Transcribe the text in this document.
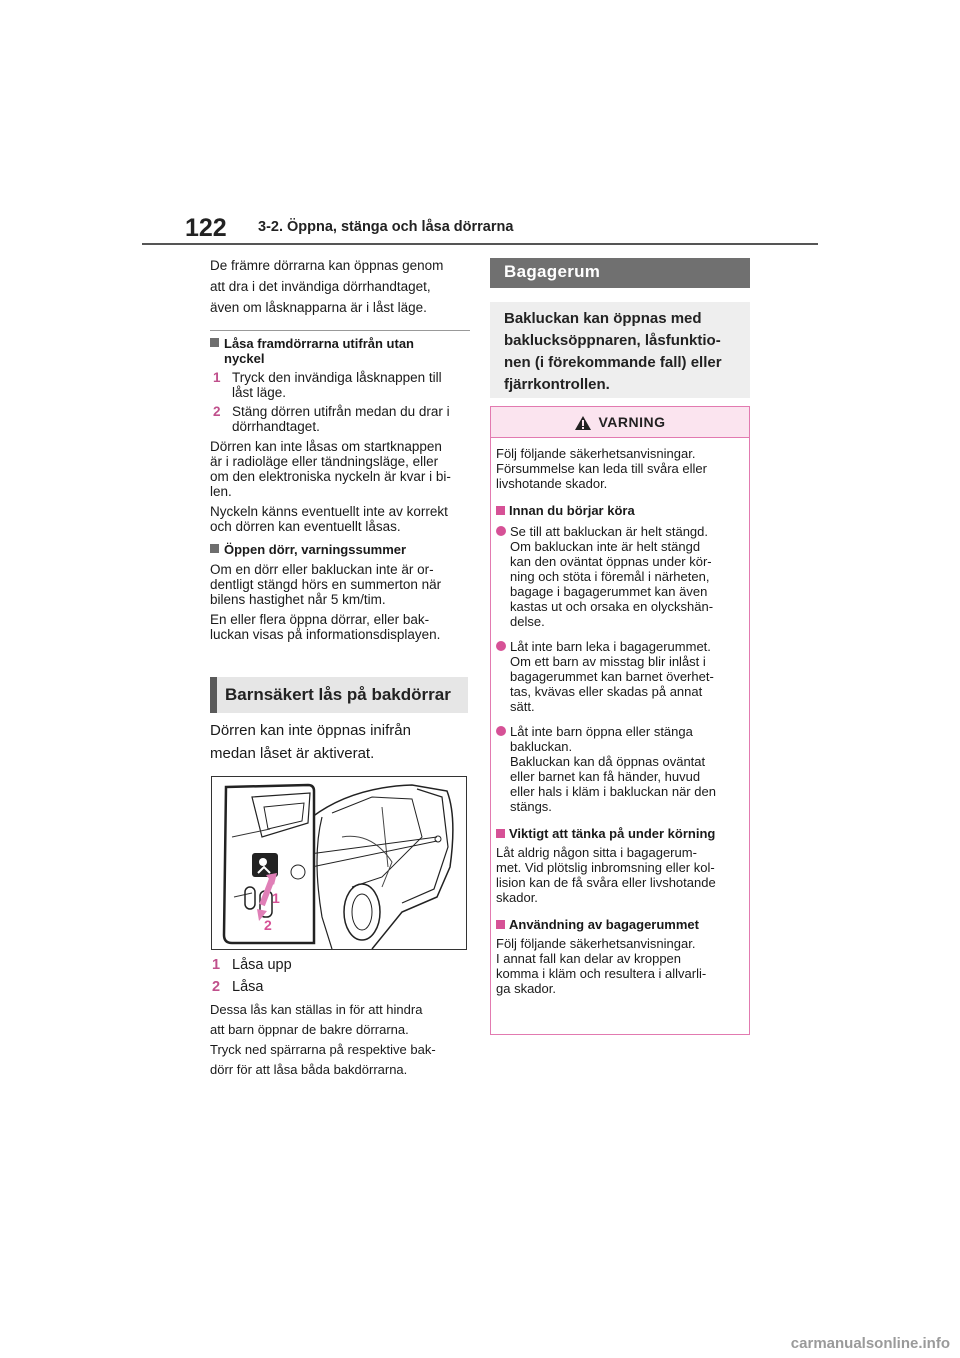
122 3-2. Öppna, stänga och låsa dörrarna
De främre dörrarna kan öppnas genom
att dra i det invändiga dörrhandtaget,
även om låsknapparna är i låst läge.
Låsa framdörrarna utifrån utan
nyckel
1 Tryck den invändiga låsknappen till
låst läge.
2 Stäng dörren utifrån medan du drar i
dörrhandtaget.
Dörren kan inte låsas om startknappen
är i radioläge eller tändningsläge, eller
om den elektroniska nyckeln är kvar i bi-
len.
Nyckeln känns eventuellt inte av korrekt
och dörren kan eventuellt låsas.
Öppen dörr, varningssummer
Om en dörr eller bakluckan inte är or-
dentligt stängd hörs en summerton när
bilens hastighet når 5 km/tim.
En eller flera öppna dörrar, eller bak-
luckan visas på informationsdisplayen.
Barnsäkert lås på bakdörrar
Dörren kan inte öppnas inifrån
medan låset är aktiverat.
1
2
1 Låsa upp
2 Låsa
Dessa lås kan ställas in för att hindra
att barn öppnar de bakre dörrarna.
Tryck ned spärrarna på respektive bak-
dörr för att låsa båda bakdörrarna.
Bagagerum
Bakluckan kan öppnas med
baklucksöppnaren, låsfunktio-
nen (i förekommande fall) eller
fjärrkontrollen.
VARNING
Följ följande säkerhetsanvisningar.
Försummelse kan leda till svåra eller
livshotande skador.
Innan du börjar köra
Se till att bakluckan är helt stängd.
Om bakluckan inte är helt stängd
kan den oväntat öppnas under kör-
ning och stöta i föremål i närheten,
bagage i bagagerummet kan även
kastas ut och orsaka en olyckshän-
delse.
Låt inte barn leka i bagagerummet.
Om ett barn av misstag blir inlåst i
bagagerummet kan barnet överhet-
tas, kvävas eller skadas på annat
sätt.
Låt inte barn öppna eller stänga
bakluckan.
Bakluckan kan då öppnas oväntat
eller barnet kan få händer, huvud
eller hals i kläm i bakluckan när den
stängs.
Viktigt att tänka på under körning
Låt aldrig någon sitta i bagagerum-
met. Vid plötslig inbromsning eller kol-
lision kan de få svåra eller livshotande
skador.
Användning av bagagerummet
Följ följande säkerhetsanvisningar.
I annat fall kan delar av kroppen
komma i kläm och resultera i allvarli-
ga skador.
carmanualsonline.info
